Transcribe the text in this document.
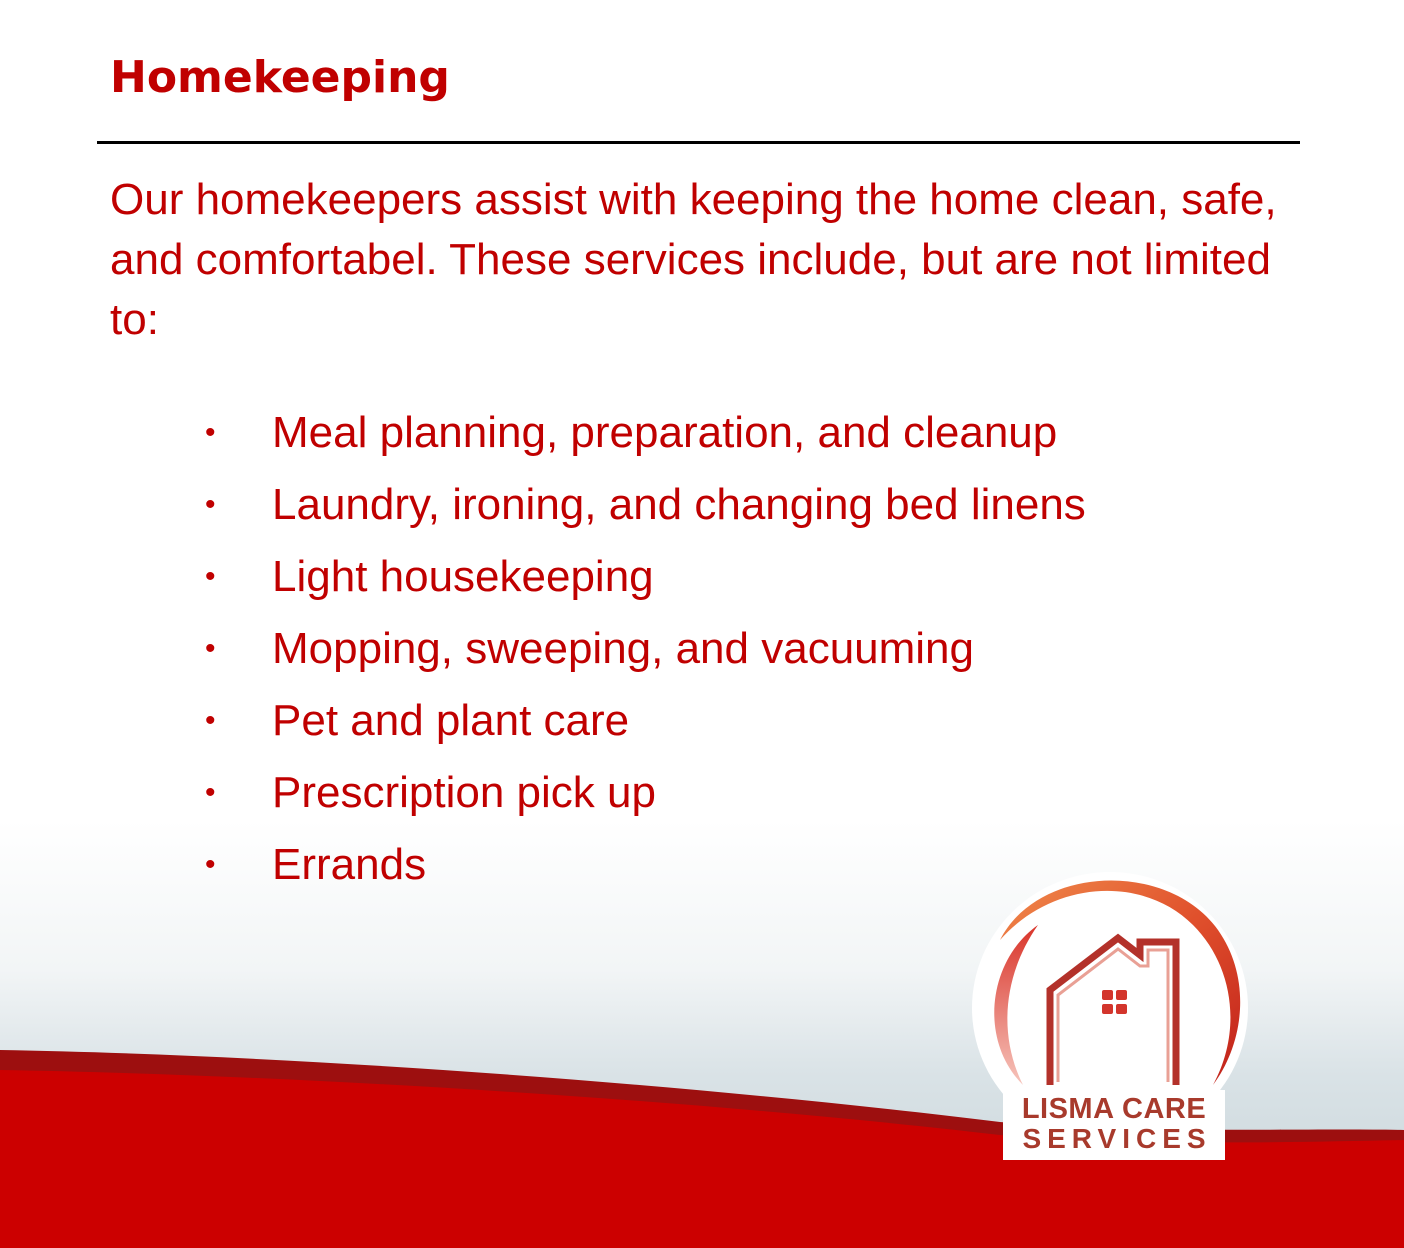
Homekeeping

Our homekeepers assist with keeping the home clean, safe, and comfortabel. These services include, but are not limited to:

• Meal planning, preparation, and cleanup
• Laundry, ironing, and changing bed linens
• Light housekeeping
• Mopping, sweeping, and vacuuming
• Pet and plant care
• Prescription pick up
• Errands
LISMA CARE
SERVICES
